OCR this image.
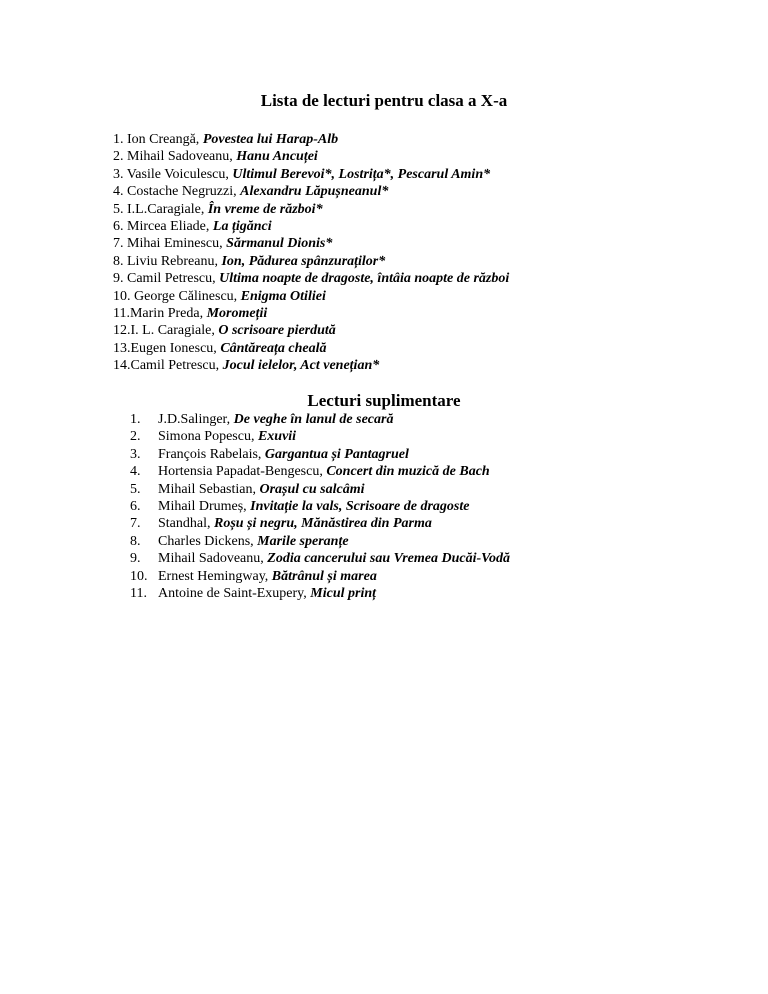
Lista de lecturi pentru clasa a X-a
1. Ion Creangă, Povestea lui Harap-Alb
2. Mihail Sadoveanu, Hanu Ancuței
3. Vasile Voiculescu, Ultimul Berevoi*, Lostrița*, Pescarul Amin*
4. Costache Negruzzi, Alexandru Lăpușneanul*
5. I.L.Caragiale, În vreme de război*
6. Mircea Eliade, La țigănci
7. Mihai Eminescu, Sărmanul Dionis*
8. Liviu Rebreanu, Ion, Pădurea spânzuraților*
9. Camil Petrescu, Ultima noapte de dragoste, întâia noapte de război
10. George Călinescu, Enigma Otiliei
11.Marin Preda, Moromeții
12.I. L. Caragiale, O scrisoare pierdută
13.Eugen Ionescu, Cântăreața cheală
14.Camil Petrescu, Jocul ielelor, Act venețian*
Lecturi suplimentare
1. J.D.Salinger, De veghe în lanul de secară
2. Simona Popescu, Exuvii
3. François Rabelais, Gargantua și Pantagruel
4. Hortensia Papadat-Bengescu, Concert din muzică de Bach
5. Mihail Sebastian, Orașul cu salcâmi
6. Mihail Drumeș, Invitație la vals, Scrisoare de dragoste
7. Standhal, Roșu și negru, Mănăstirea din Parma
8. Charles Dickens, Marile speranțe
9. Mihail Sadoveanu, Zodia cancerului sau Vremea Ducăi-Vodă
10. Ernest Hemingway, Bătrânul și marea
11. Antoine de Saint-Exupery, Micul prinț
